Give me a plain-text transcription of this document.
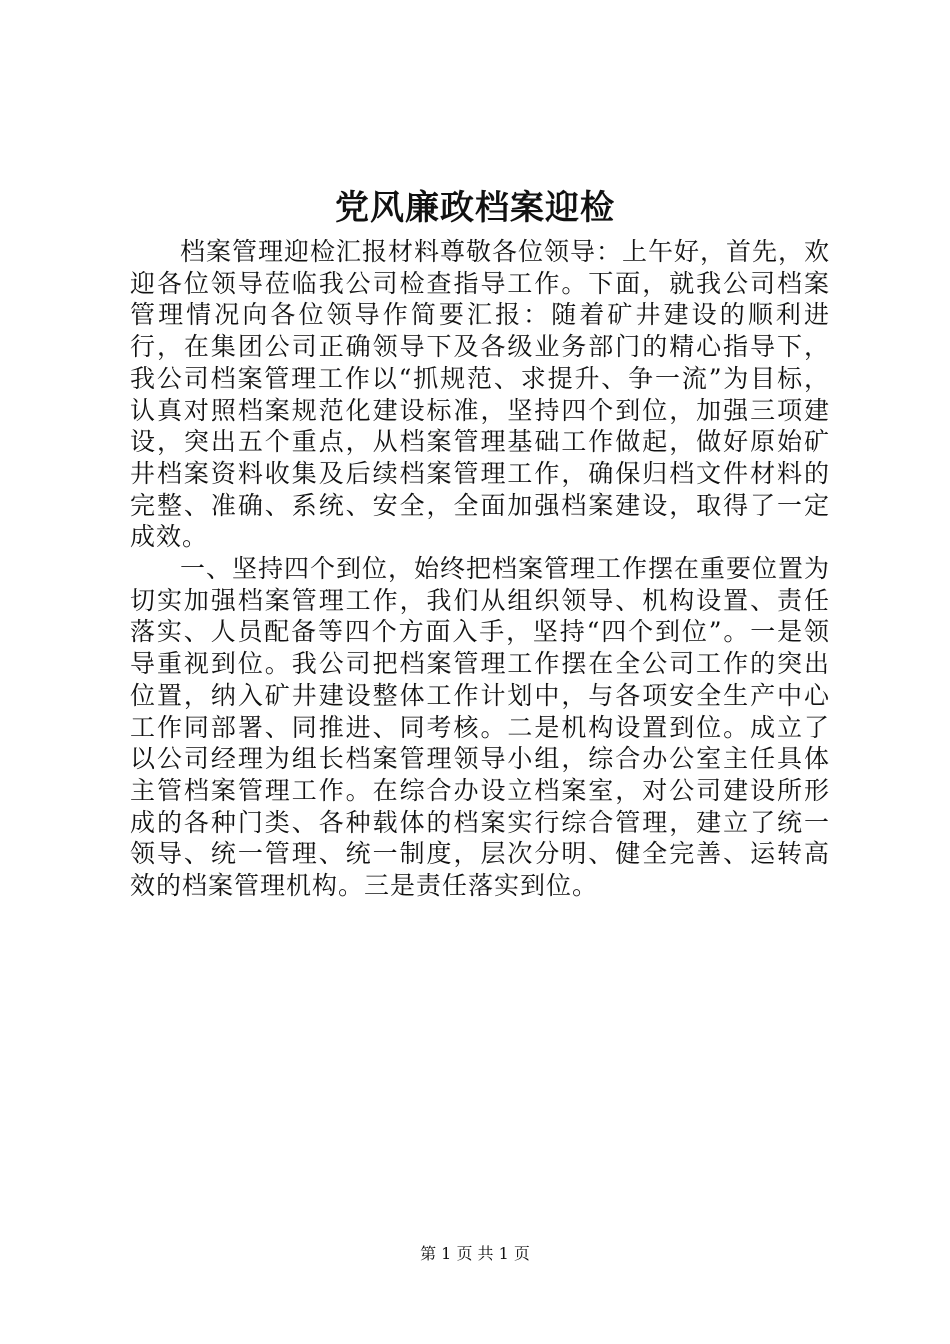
党风廉政档案迎检

档案管理迎检汇报材料尊敬各位领导：上午好，首先，欢迎各位领导莅临我公司检查指导工作。下面，就我公司档案管理情况向各位领导作简要汇报：随着矿井建设的顺利进行，在集团公司正确领导下及各级业务部门的精心指导下，我公司档案管理工作以“抓规范、求提升、争一流”为目标，认真对照档案规范化建设标准，坚持四个到位，加强三项建设，突出五个重点，从档案管理基础工作做起，做好原始矿井档案资料收集及后续档案管理工作，确保归档文件材料的完整、准确、系统、安全，全面加强档案建设，取得了一定成效。

一、坚持四个到位，始终把档案管理工作摆在重要位置为切实加强档案管理工作，我们从组织领导、机构设置、责任落实、人员配备等四个方面入手，坚持“四个到位”。一是领导重视到位。我公司把档案管理工作摆在全公司工作的突出位置，纳入矿井建设整体工作计划中，与各项安全生产中心工作同部署、同推进、同考核。二是机构设置到位。成立了以公司经理为组长档案管理领导小组，综合办公室主任具体主管档案管理工作。在综合办设立档案室，对公司建设所形成的各种门类、各种载体的档案实行综合管理，建立了统一领导、统一管理、统一制度，层次分明、健全完善、运转高效的档案管理机构。三是责任落实到位。

第 1 页 共 1 页
